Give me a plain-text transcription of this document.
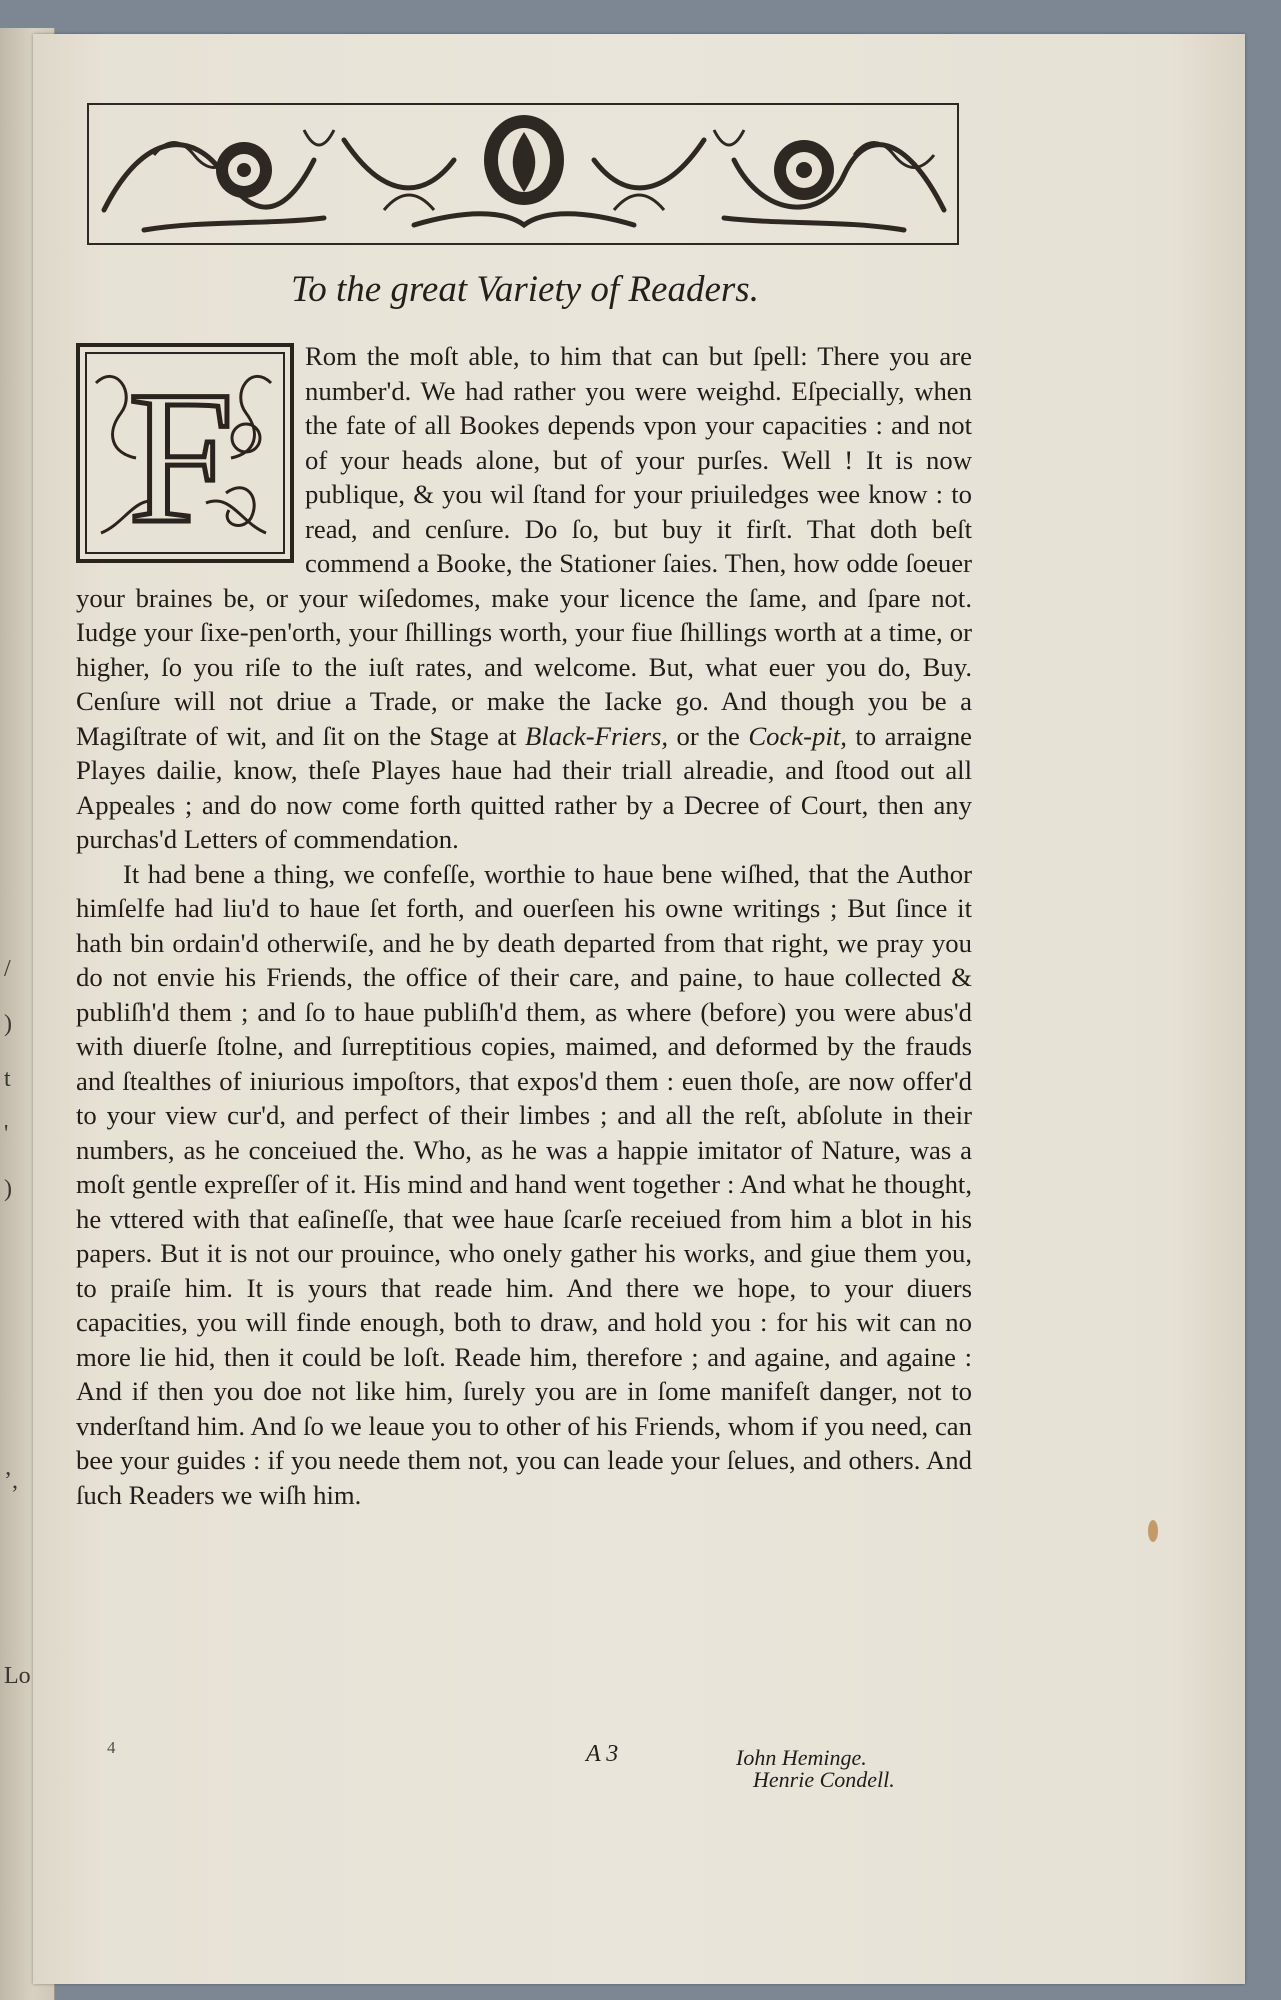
/
)
t
'
)
’,
Lo
To the great Variety of Readers.

Rom the moſt able, to him that can but ſpell: There you are number'd. We had rather you were weighd. Eſpecially, when the fate of all Bookes depends vpon your capacities : and not of your heads alone, but of your purſes. Well ! It is now publique, & you wil ſtand for your priuiledges wee know : to read, and cenſure. Do ſo, but buy it firſt. That doth beſt commend a Booke, the Stationer ſaies. Then, how odde ſoeuer your braines be, or your wiſedomes, make your licence the ſame, and ſpare not. Iudge your ſixe-pen'orth, your ſhillings worth, your fiue ſhillings worth at a time, or higher, ſo you riſe to the iuſt rates, and welcome. But, what euer you do, Buy. Cenſure will not driue a Trade, or make the Iacke go. And though you be a Magiſtrate of wit, and ſit on the Stage at Black-Friers, or the Cock-pit, to arraigne Playes dailie, know, theſe Playes haue had their triall alreadie, and ſtood out all Appeales ; and do now come forth quitted rather by a Decree of Court, then any purchas'd Letters of commendation.

It had bene a thing, we confeſſe, worthie to haue bene wiſhed, that the Author himſelfe had liu'd to haue ſet forth, and ouerſeen his owne writings ; But ſince it hath bin ordain'd otherwiſe, and he by death departed from that right, we pray you do not envie his Friends, the office of their care, and paine, to haue collected & publiſh'd them ; and ſo to haue publiſh'd them, as where (before) you were abus'd with diuerſe ſtolne, and ſurreptitious copies, maimed, and deformed by the frauds and ſtealthes of iniurious impoſtors, that expos'd them : euen thoſe, are now offer'd to your view cur'd, and perfect of their limbes ; and all the reſt, abſolute in their numbers, as he conceiued the. Who, as he was a happie imitator of Nature, was a moſt gentle expreſſer of it. His mind and hand went together : And what he thought, he vttered with that eaſineſſe, that wee haue ſcarſe receiued from him a blot in his papers. But it is not our prouince, who onely gather his works, and giue them you, to praiſe him. It is yours that reade him. And there we hope, to your diuers capacities, you will finde enough, both to draw, and hold you : for his wit can no more lie hid, then it could be loſt. Reade him, therefore ; and againe, and againe : And if then you doe not like him, ſurely you are in ſome manifeſt danger, not to vnderſtand him. And ſo we leaue you to other of his Friends, whom if you need, can bee your guides : if you neede them not, you can leade your ſelues, and others. And ſuch Readers we wiſh him.

F
A 3	Iohn Heminge.
Henrie Condell.
4
